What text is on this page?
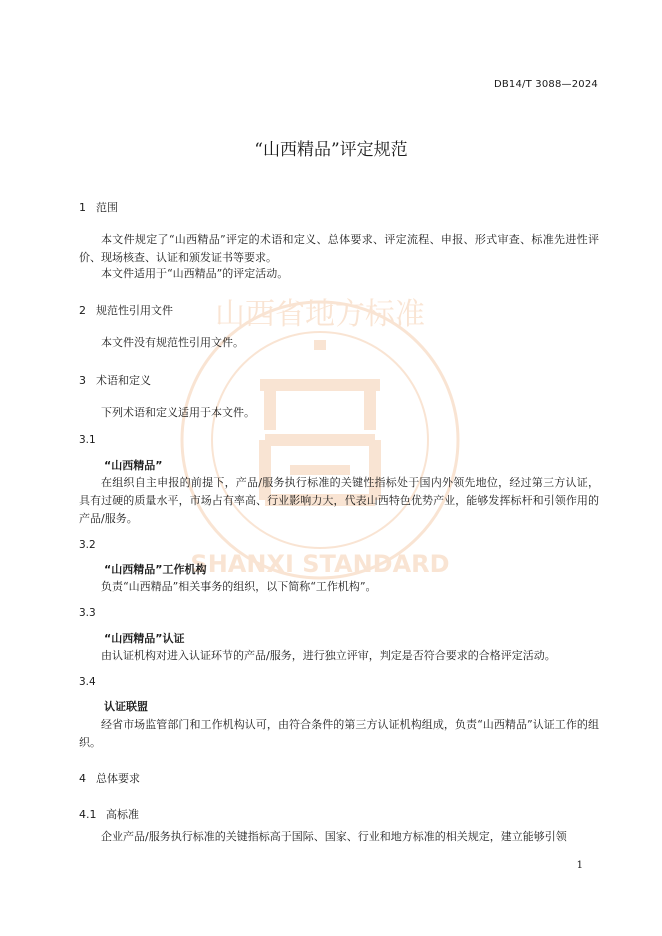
山西省地方标准
SHANXI STANDARD
DB14/T 3088—2024
“山西精品”评定规范
1 范围
本文件规定了“山西精品”评定的术语和定义、总体要求、评定流程、申报、形式审查、标准先进性评价、现场核查、认证和颁发证书等要求。
本文件适用于“山西精品”的评定活动。
2 规范性引用文件
本文件没有规范性引用文件。
3 术语和定义
下列术语和定义适用于本文件。
3.1
“山西精品”
在组织自主申报的前提下，产品/服务执行标准的关键性指标处于国内外领先地位，经过第三方认证，具有过硬的质量水平，市场占有率高、行业影响力大，代表山西特色优势产业，能够发挥标杆和引领作用的产品/服务。
3.2
“山西精品”工作机构
负责“山西精品”相关事务的组织，以下简称“工作机构”。
3.3
“山西精品”认证
由认证机构对进入认证环节的产品/服务，进行独立评审，判定是否符合要求的合格评定活动。
3.4
认证联盟
经省市场监管部门和工作机构认可，由符合条件的第三方认证机构组成，负责“山西精品”认证工作的组织。
4 总体要求
4.1 高标准
企业产品/服务执行标准的关键指标高于国际、国家、行业和地方标准的相关规定，建立能够引领
1
